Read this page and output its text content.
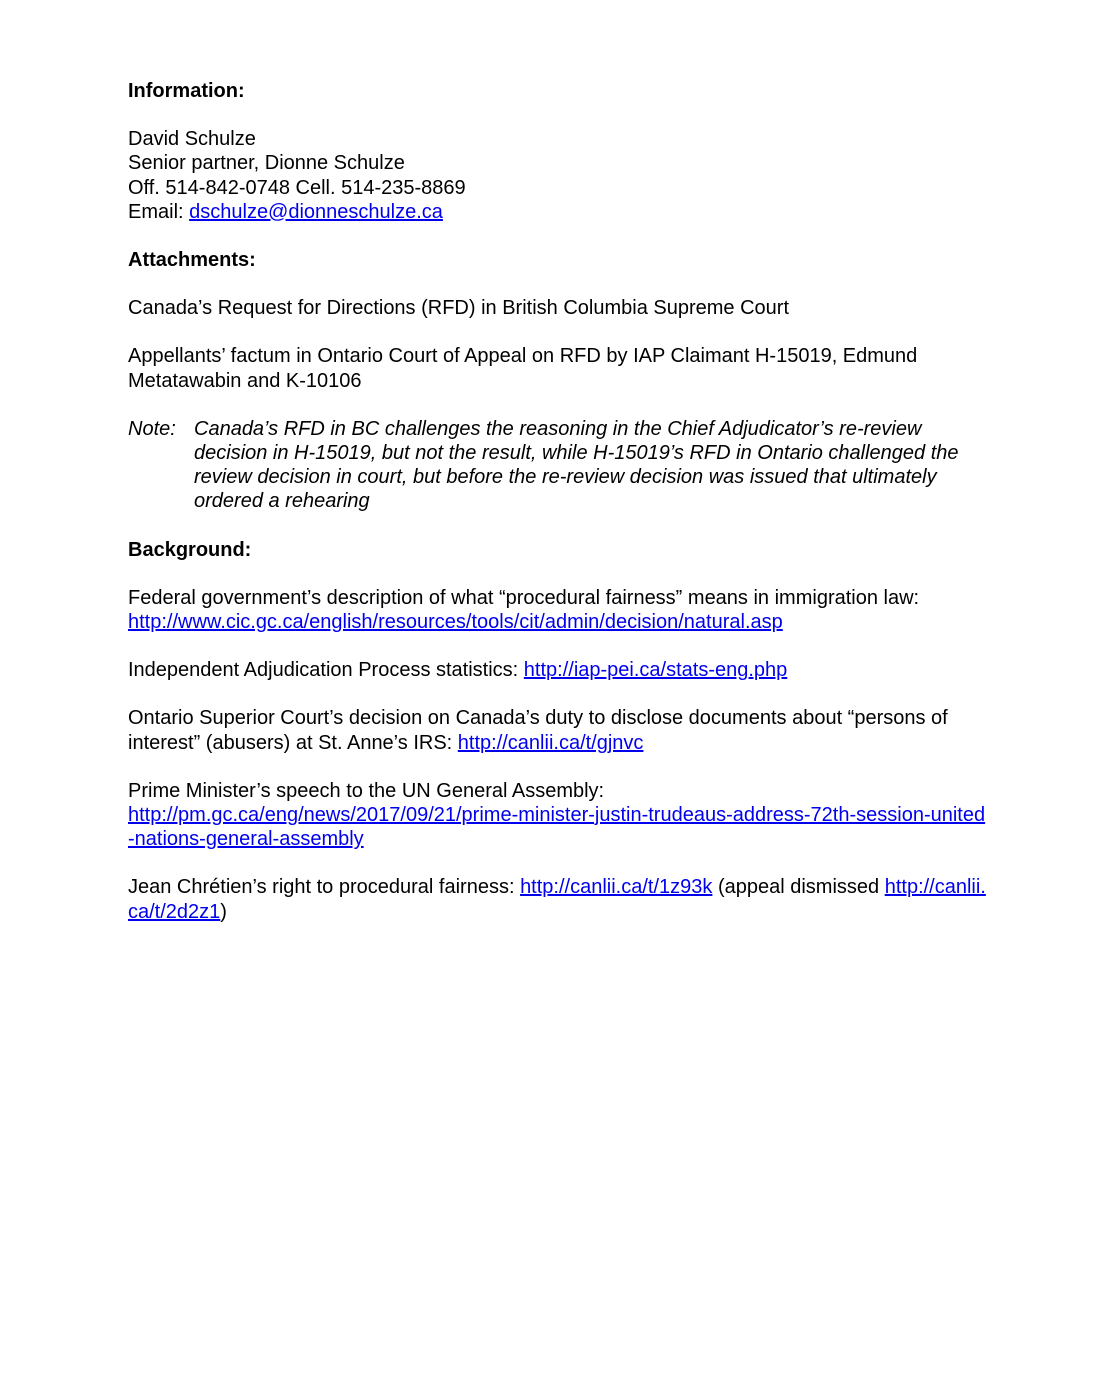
Information:

David Schulze

Senior partner, Dionne Schulze

Off. 514-842-0748 Cell. 514-235-8869

Email: dschulze@dionneschulze.ca

Attachments:

Canada’s Request for Directions (RFD) in British Columbia Supreme Court

Appellants’ factum in Ontario Court of Appeal on RFD by IAP Claimant H-15019, Edmund Metatawabin and K-10106

Note: Canada’s RFD in BC challenges the reasoning in the Chief Adjudicator’s re-review decision in H-15019, but not the result, while H-15019’s RFD in Ontario challenged the review decision in court, but before the re-review decision was issued that ultimately ordered a rehearing

Background:

Federal government’s description of what “procedural fairness” means in immigration law:
http://www.cic.gc.ca/english/resources/tools/cit/admin/decision/natural.asp

Independent Adjudication Process statistics: http://iap-pei.ca/stats-eng.php

Ontario Superior Court’s decision on Canada’s duty to disclose documents about “persons of interest” (abusers) at St. Anne’s IRS: http://canlii.ca/t/gjnvc

Prime Minister’s speech to the UN General Assembly:
http://pm.gc.ca/eng/news/2017/09/21/prime-minister-justin-trudeaus-address-72th-session-united-nations-general-assembly

Jean Chrétien’s right to procedural fairness: http://canlii.ca/t/1z93k (appeal dismissed http://canlii.ca/t/2d2z1)
